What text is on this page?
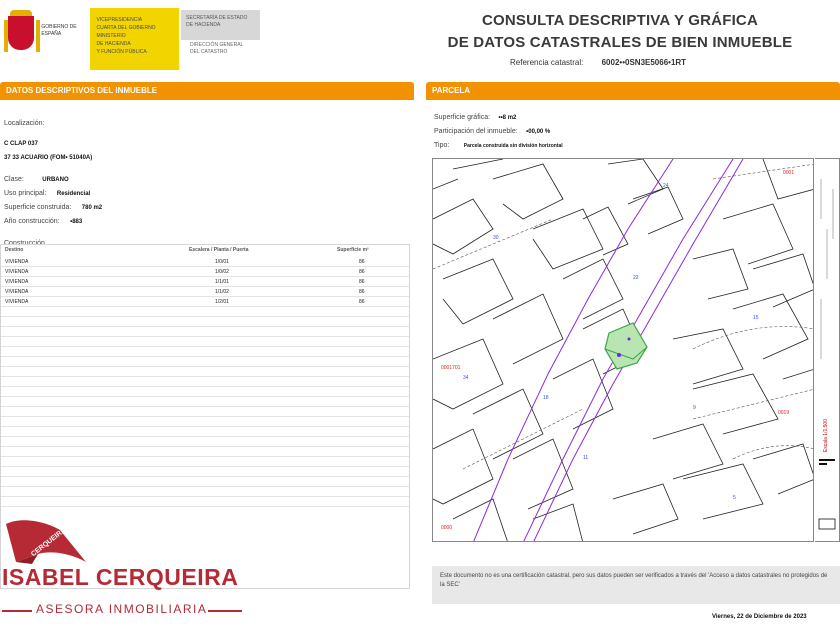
GOBIERNO DE ESPAÑA
VICEPRESIDENCIA
CUARTA DEL GOBIERNO
MINISTERIO
DE HACIENDA
Y FUNCIÓN PÚBLICA
SECRETARÍA DE ESTADO
DE HACIENDA
DIRECCIÓN GENERAL
DEL CATASTRO
CONSULTA DESCRIPTIVA Y GRÁFICA
DE DATOS CATASTRALES DE BIEN INMUEBLE
Referencia catastral: 6002••0SN3E5066•1RT
DATOS DESCRIPTIVOS DEL INMUEBLE
Localización:
C CLAP 037
37 33 ACUARIO (FOM• 51040A)
Clase:	URBANO
Uso principal: Residencial
Superficie construida: 780 m2
Año construcción: •883
Construcción
Destino	Escalera / Planta / Puerta	Superficie m²
VIVIENDA	1/0/01	86
VIVIENDA	1/0/02	86
VIVIENDA	1/1/01	86
VIVIENDA	1/1/02	86
VIVIENDA	1/2/01	86
PARCELA
Superficie gráfica: ••8 m2
Participación del inmueble: •00,00 %
Tipo:	Parcela construida sin división horizontal
24
18
22
15
11
30
9
5
34
0001701
0001
0000
0019
Escala 1/1.500
Este documento no es una certificación catastral, pero sus datos pueden ser verificados a través del 'Acceso a datos catastrales no protegidos de la SEC'
Viernes, 22 de Diciembre de 2023
CERQUEIRA
ISABEL CERQUEIRA
ASESORA INMOBILIARIA
